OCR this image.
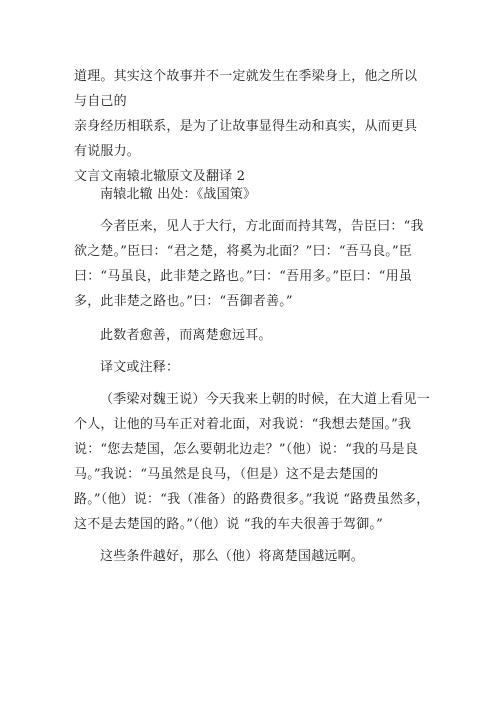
道理。其实这个故事并不一定就发生在季梁身上，他之所以与自己的

亲身经历相联系，是为了让故事显得生动和真实，从而更具有说服力。

文言文南辕北辙原文及翻译 2

南辕北辙 出处：《战国策》

今者臣来，见人于大行，方北面而持其驾，告臣曰：“我欲之楚。”臣曰：“君之楚，将奚为北面？”曰：“吾马良。”臣曰：“马虽良，此非楚之路也。”曰：“吾用多。”臣曰：“用虽多，此非楚之路也。”曰：“吾御者善。”

此数者愈善，而离楚愈远耳。

译文或注释：

（季梁对魏王说）今天我来上朝的时候，在大道上看见一个人，让他的马车正对着北面，对我说：“我想去楚国。”我说：“您去楚国，怎么要朝北边走？”（他）说：“我的马是良马。”我说：“马虽然是良马，（但是）这不是去楚国的路。”（他）说：“我（准备）的路费很多。”我说 “路费虽然多，这不是去楚国的路。”（他）说 “我的车夫很善于驾御。”

这些条件越好，那么（他）将离楚国越远啊。
